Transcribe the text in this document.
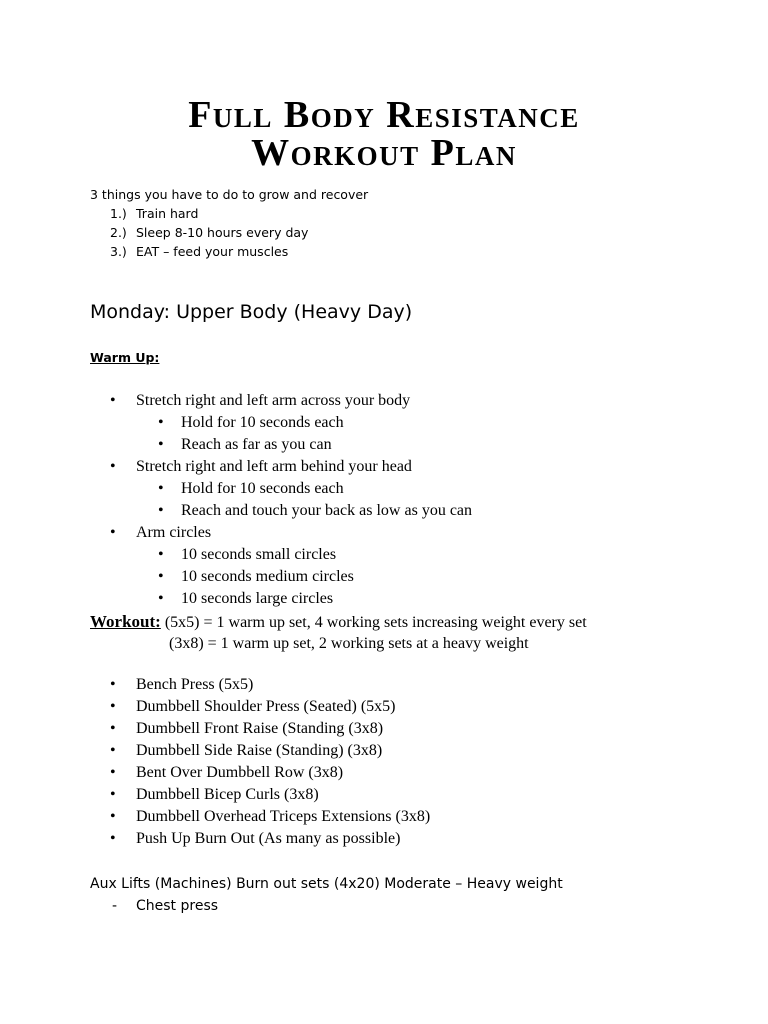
Full Body Resistance
Workout Plan
3 things you have to do to grow and recover
1.) Train hard
2.) Sleep 8-10 hours every day
3.) EAT – feed your muscles
Monday: Upper Body (Heavy Day)
Warm Up:
• Stretch right and left arm across your body
• Hold for 10 seconds each
• Reach as far as you can
• Stretch right and left arm behind your head
• Hold for 10 seconds each
• Reach and touch your back as low as you can
• Arm circles
• 10 seconds small circles
• 10 seconds medium circles
• 10 seconds large circles
Workout: (5x5) = 1 warm up set, 4 working sets increasing weight every set
(3x8) = 1 warm up set, 2 working sets at a heavy weight
• Bench Press (5x5)
• Dumbbell Shoulder Press (Seated) (5x5)
• Dumbbell Front Raise (Standing (3x8)
• Dumbbell Side Raise (Standing) (3x8)
• Bent Over Dumbbell Row (3x8)
• Dumbbell Bicep Curls (3x8)
• Dumbbell Overhead Triceps Extensions (3x8)
• Push Up Burn Out (As many as possible)
Aux Lifts (Machines) Burn out sets (4x20) Moderate – Heavy weight
- Chest press
